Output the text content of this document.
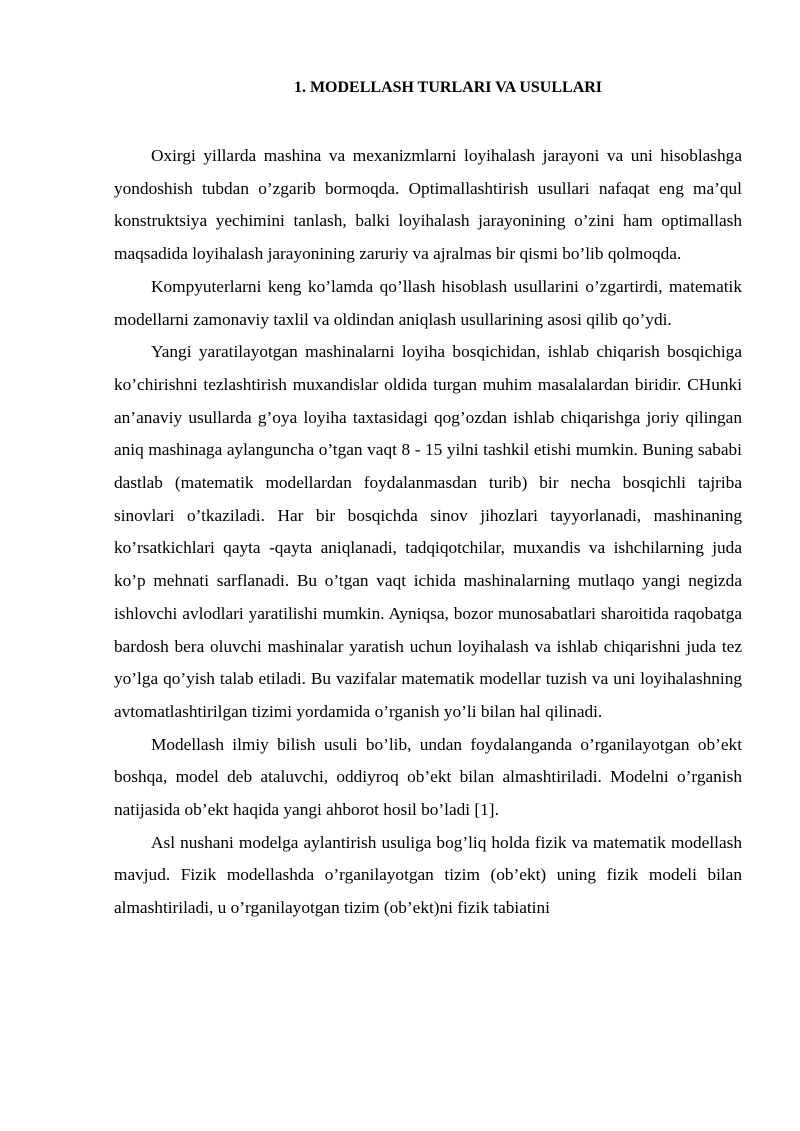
1. MODELLASH TURLARI VA USULLARI

Oxirgi yillarda mashina va mexanizmlarni loyihalash jarayoni va uni hisoblashga yondoshish tubdan o’zgarib bormoqda. Optimallashtirish usullari nafaqat eng ma’qul konstruktsiya yechimini tanlash, balki loyihalash jarayonining o’zini ham optimallash maqsadida loyihalash jarayonining zaruriy va ajralmas bir qismi bo’lib qolmoqda.

Kompyuterlarni keng ko’lamda qo’llash hisoblash usullarini o’zgartirdi, matematik modellarni zamonaviy taxlil va oldindan aniqlash usullarining asosi qilib qo’ydi.

Yangi yaratilayotgan mashinalarni loyiha bosqichidan, ishlab chiqarish bosqichiga ko’chirishni tezlashtirish muxandislar oldida turgan muhim masalalardan biridir. CHunki an’anaviy usullarda g’oya loyiha taxtasidagi qog’ozdan ishlab chiqarishga joriy qilingan aniq mashinaga aylanguncha o’tgan vaqt 8 - 15 yilni tashkil etishi mumkin. Buning sababi dastlab (matematik modellardan foydalanmasdan turib) bir necha bosqichli tajriba sinovlari o’tkaziladi. Har bir bosqichda sinov jihozlari tayyorlanadi, mashinaning ko’rsatkichlari qayta -qayta aniqlanadi, tadqiqotchilar, muxandis va ishchilarning juda ko’p mehnati sarflanadi. Bu o’tgan vaqt ichida mashinalarning mutlaqo yangi negizda ishlovchi avlodlari yaratilishi mumkin. Ayniqsa, bozor munosabatlari sharoitida raqobatga bardosh bera oluvchi mashinalar yaratish uchun loyihalash va ishlab chiqarishni juda tez yo’lga qo’yish talab etiladi. Bu vazifalar matematik modellar tuzish va uni loyihalashning avtomatlashtirilgan tizimi yordamida o’rganish yo’li bilan hal qilinadi.

Modellash ilmiy bilish usuli bo’lib, undan foydalanganda o’rganilayotgan ob’ekt boshqa, model deb ataluvchi, oddiyroq ob’ekt bilan almashtiriladi. Modelni o’rganish natijasida ob’ekt haqida yangi ahborot hosil bo’ladi [1].

Asl nushani modelga aylantirish usuliga bog’liq holda fizik va matematik modellash mavjud. Fizik modellashda o’rganilayotgan tizim (ob’ekt) uning fizik modeli bilan almashtiriladi, u o’rganilayotgan tizim (ob’ekt)ni fizik tabiatini
